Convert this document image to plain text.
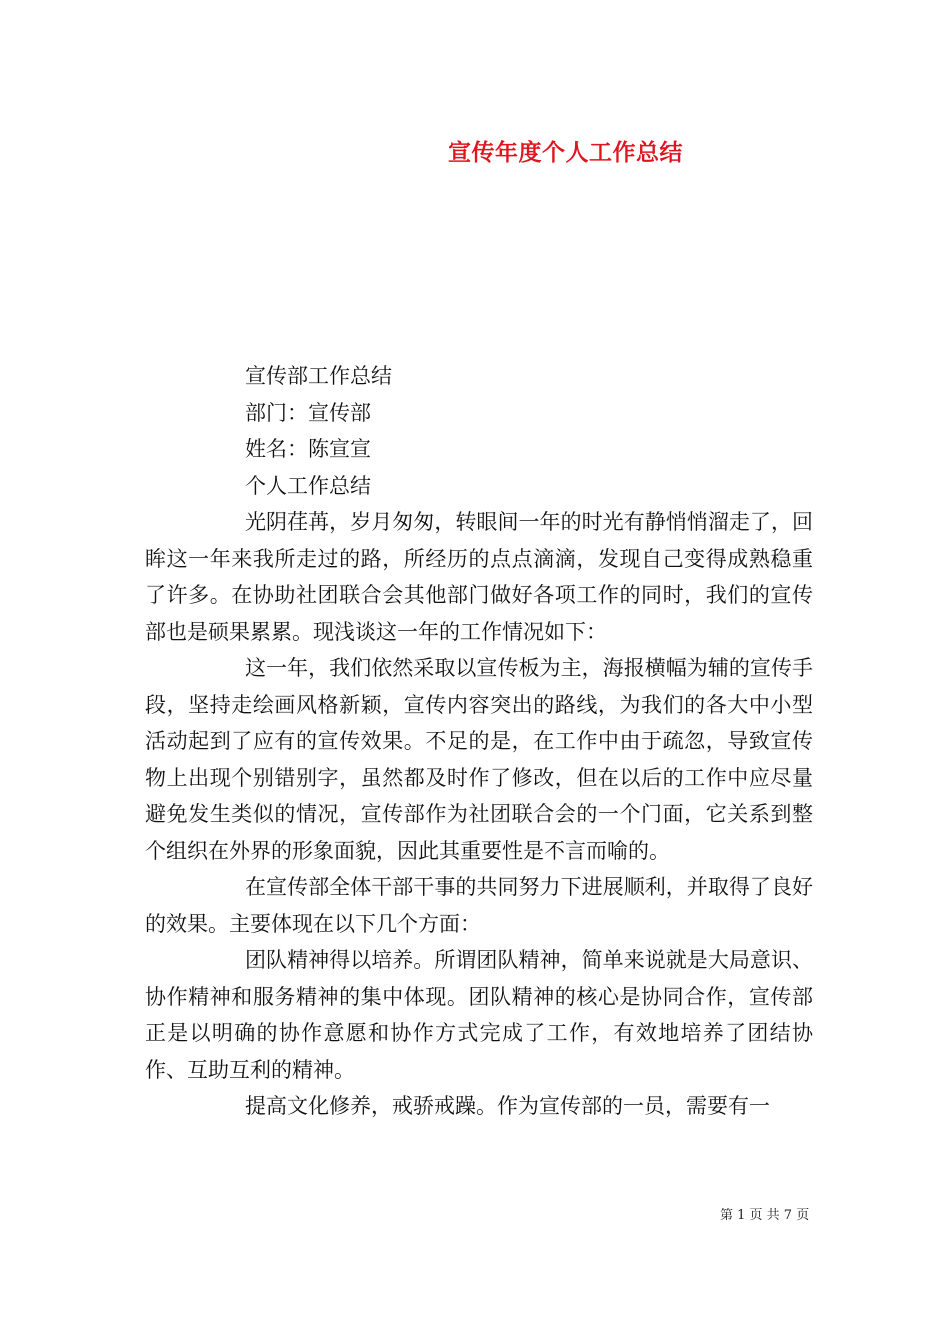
宣传年度个人工作总结
宣传部工作总结
部门：宣传部
姓名：陈宣宣
个人工作总结

光阴荏苒，岁月匆匆，转眼间一年的时光有静悄悄溜走了，回眸这一年来我所走过的路，所经历的点点滴滴，发现自己变得成熟稳重了许多。在协助社团联合会其他部门做好各项工作的同时，我们的宣传部也是硕果累累。现浅谈这一年的工作情况如下：

这一年，我们依然采取以宣传板为主，海报横幅为辅的宣传手段，坚持走绘画风格新颖，宣传内容突出的路线，为我们的各大中小型活动起到了应有的宣传效果。不足的是，在工作中由于疏忽，导致宣传物上出现个别错别字，虽然都及时作了修改，但在以后的工作中应尽量避免发生类似的情况，宣传部作为社团联合会的一个门面，它关系到整个组织在外界的形象面貌，因此其重要性是不言而喻的。

在宣传部全体干部干事的共同努力下进展顺利，并取得了良好的效果。主要体现在以下几个方面：

团队精神得以培养。所谓团队精神，简单来说就是大局意识、协作精神和服务精神的集中体现。团队精神的核心是协同合作，宣传部正是以明确的协作意愿和协作方式完成了工作，有效地培养了团结协作、互助互利的精神。

提高文化修养，戒骄戒躁。作为宣传部的一员，需要有一

第 1 页 共 7 页
